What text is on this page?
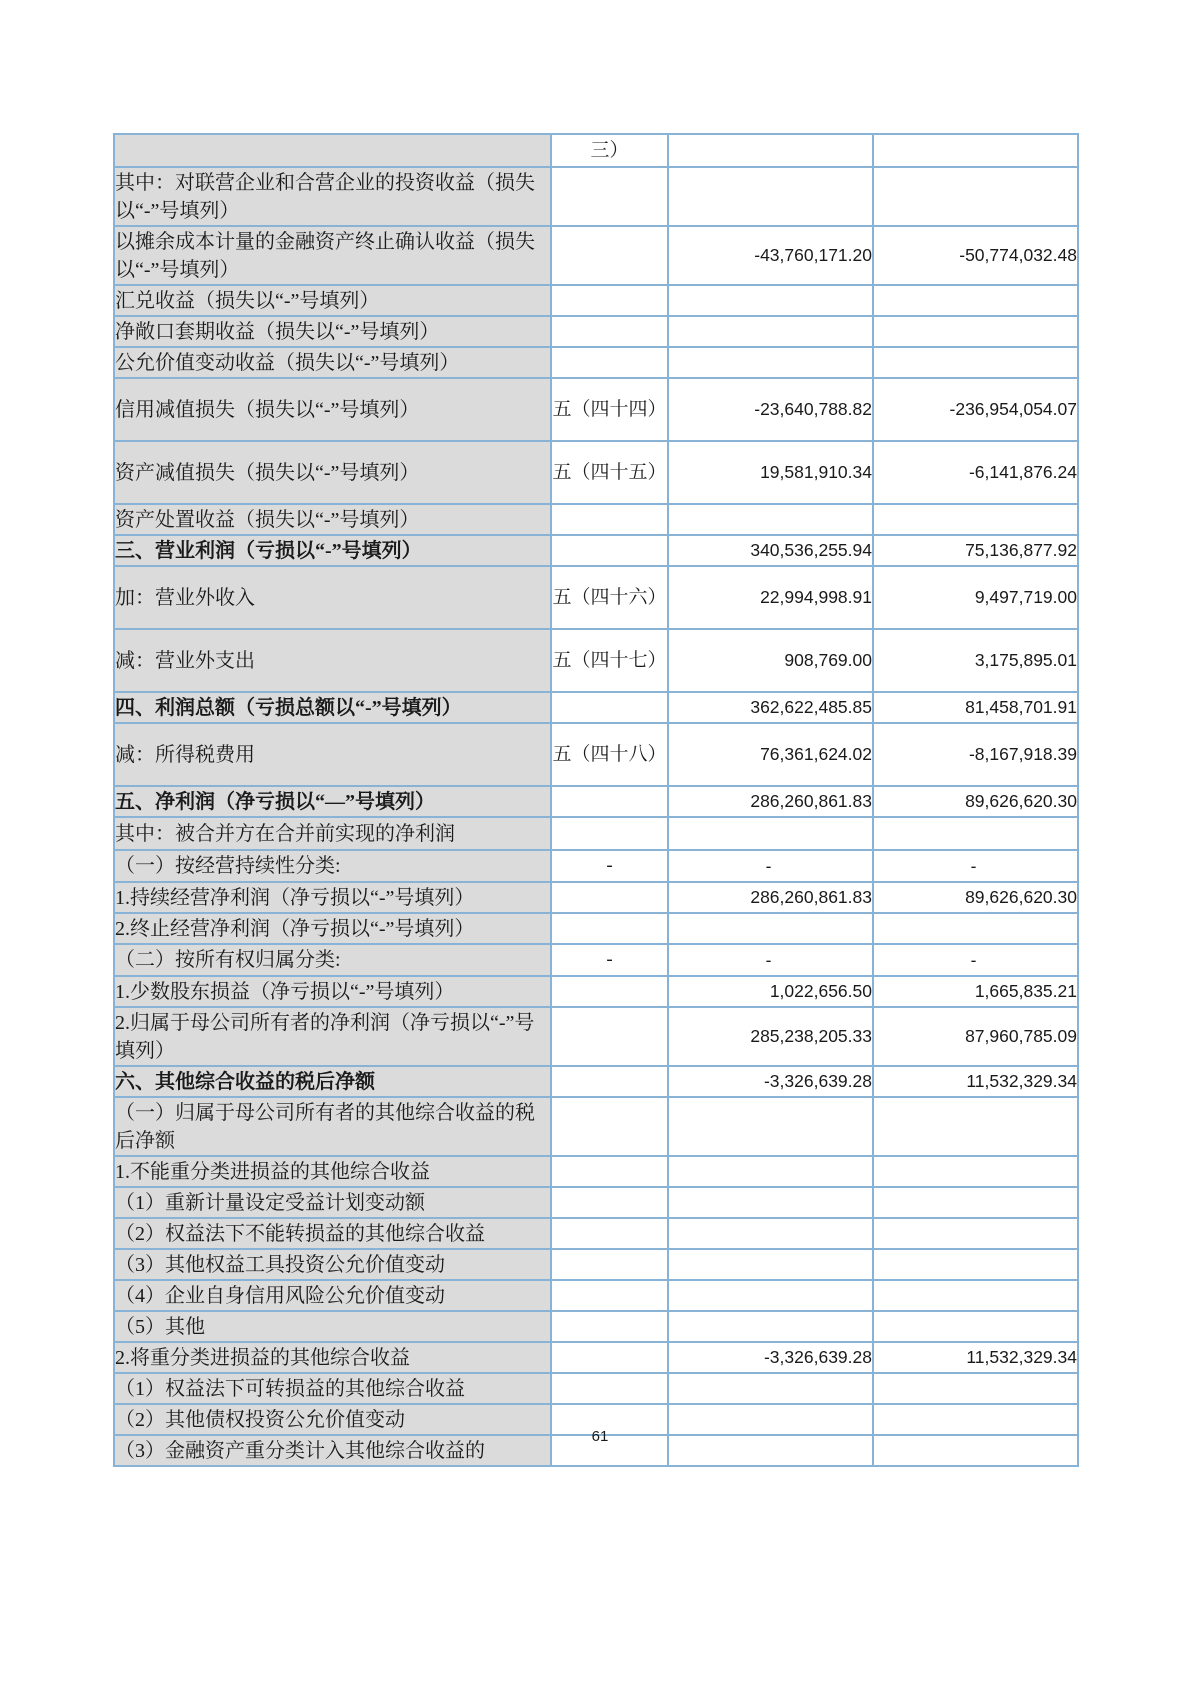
	三）		
其中：对联营企业和合营企业的投资收益（损失以“-”号填列）			
以摊余成本计量的金融资产终止确认收益（损失以“-”号填列）		-43,760,171.20	-50,774,032.48
汇兑收益（损失以“-”号填列）			
净敞口套期收益（损失以“-”号填列）			
公允价值变动收益（损失以“-”号填列）			
信用减值损失（损失以“-”号填列）	五（四十四）	-23,640,788.82	-236,954,054.07
资产减值损失（损失以“-”号填列）	五（四十五）	19,581,910.34	-6,141,876.24
资产处置收益（损失以“-”号填列）			
三、营业利润（亏损以“-”号填列）		340,536,255.94	75,136,877.92
加：营业外收入	五（四十六）	22,994,998.91	9,497,719.00
减：营业外支出	五（四十七）	908,769.00	3,175,895.01
四、利润总额（亏损总额以“-”号填列）		362,622,485.85	81,458,701.91
减：所得税费用	五（四十八）	76,361,624.02	-8,167,918.39
五、净利润（净亏损以“—”号填列）		286,260,861.83	89,626,620.30
其中：被合并方在合并前实现的净利润			
（一）按经营持续性分类:	-	-	-
1.持续经营净利润（净亏损以“-”号填列）		286,260,861.83	89,626,620.30
2.终止经营净利润（净亏损以“-”号填列）			
（二）按所有权归属分类:	-	-	-
1.少数股东损益（净亏损以“-”号填列）		1,022,656.50	1,665,835.21
2.归属于母公司所有者的净利润（净亏损以“-”号填列）		285,238,205.33	87,960,785.09
六、其他综合收益的税后净额		-3,326,639.28	11,532,329.34
（一）归属于母公司所有者的其他综合收益的税后净额			
1.不能重分类进损益的其他综合收益			
（1）重新计量设定受益计划变动额			
（2）权益法下不能转损益的其他综合收益			
（3）其他权益工具投资公允价值变动			
（4）企业自身信用风险公允价值变动			
（5）其他			
2.将重分类进损益的其他综合收益		-3,326,639.28	11,532,329.34
（1）权益法下可转损益的其他综合收益			
（2）其他债权投资公允价值变动			
（3）金融资产重分类计入其他综合收益的			
61
